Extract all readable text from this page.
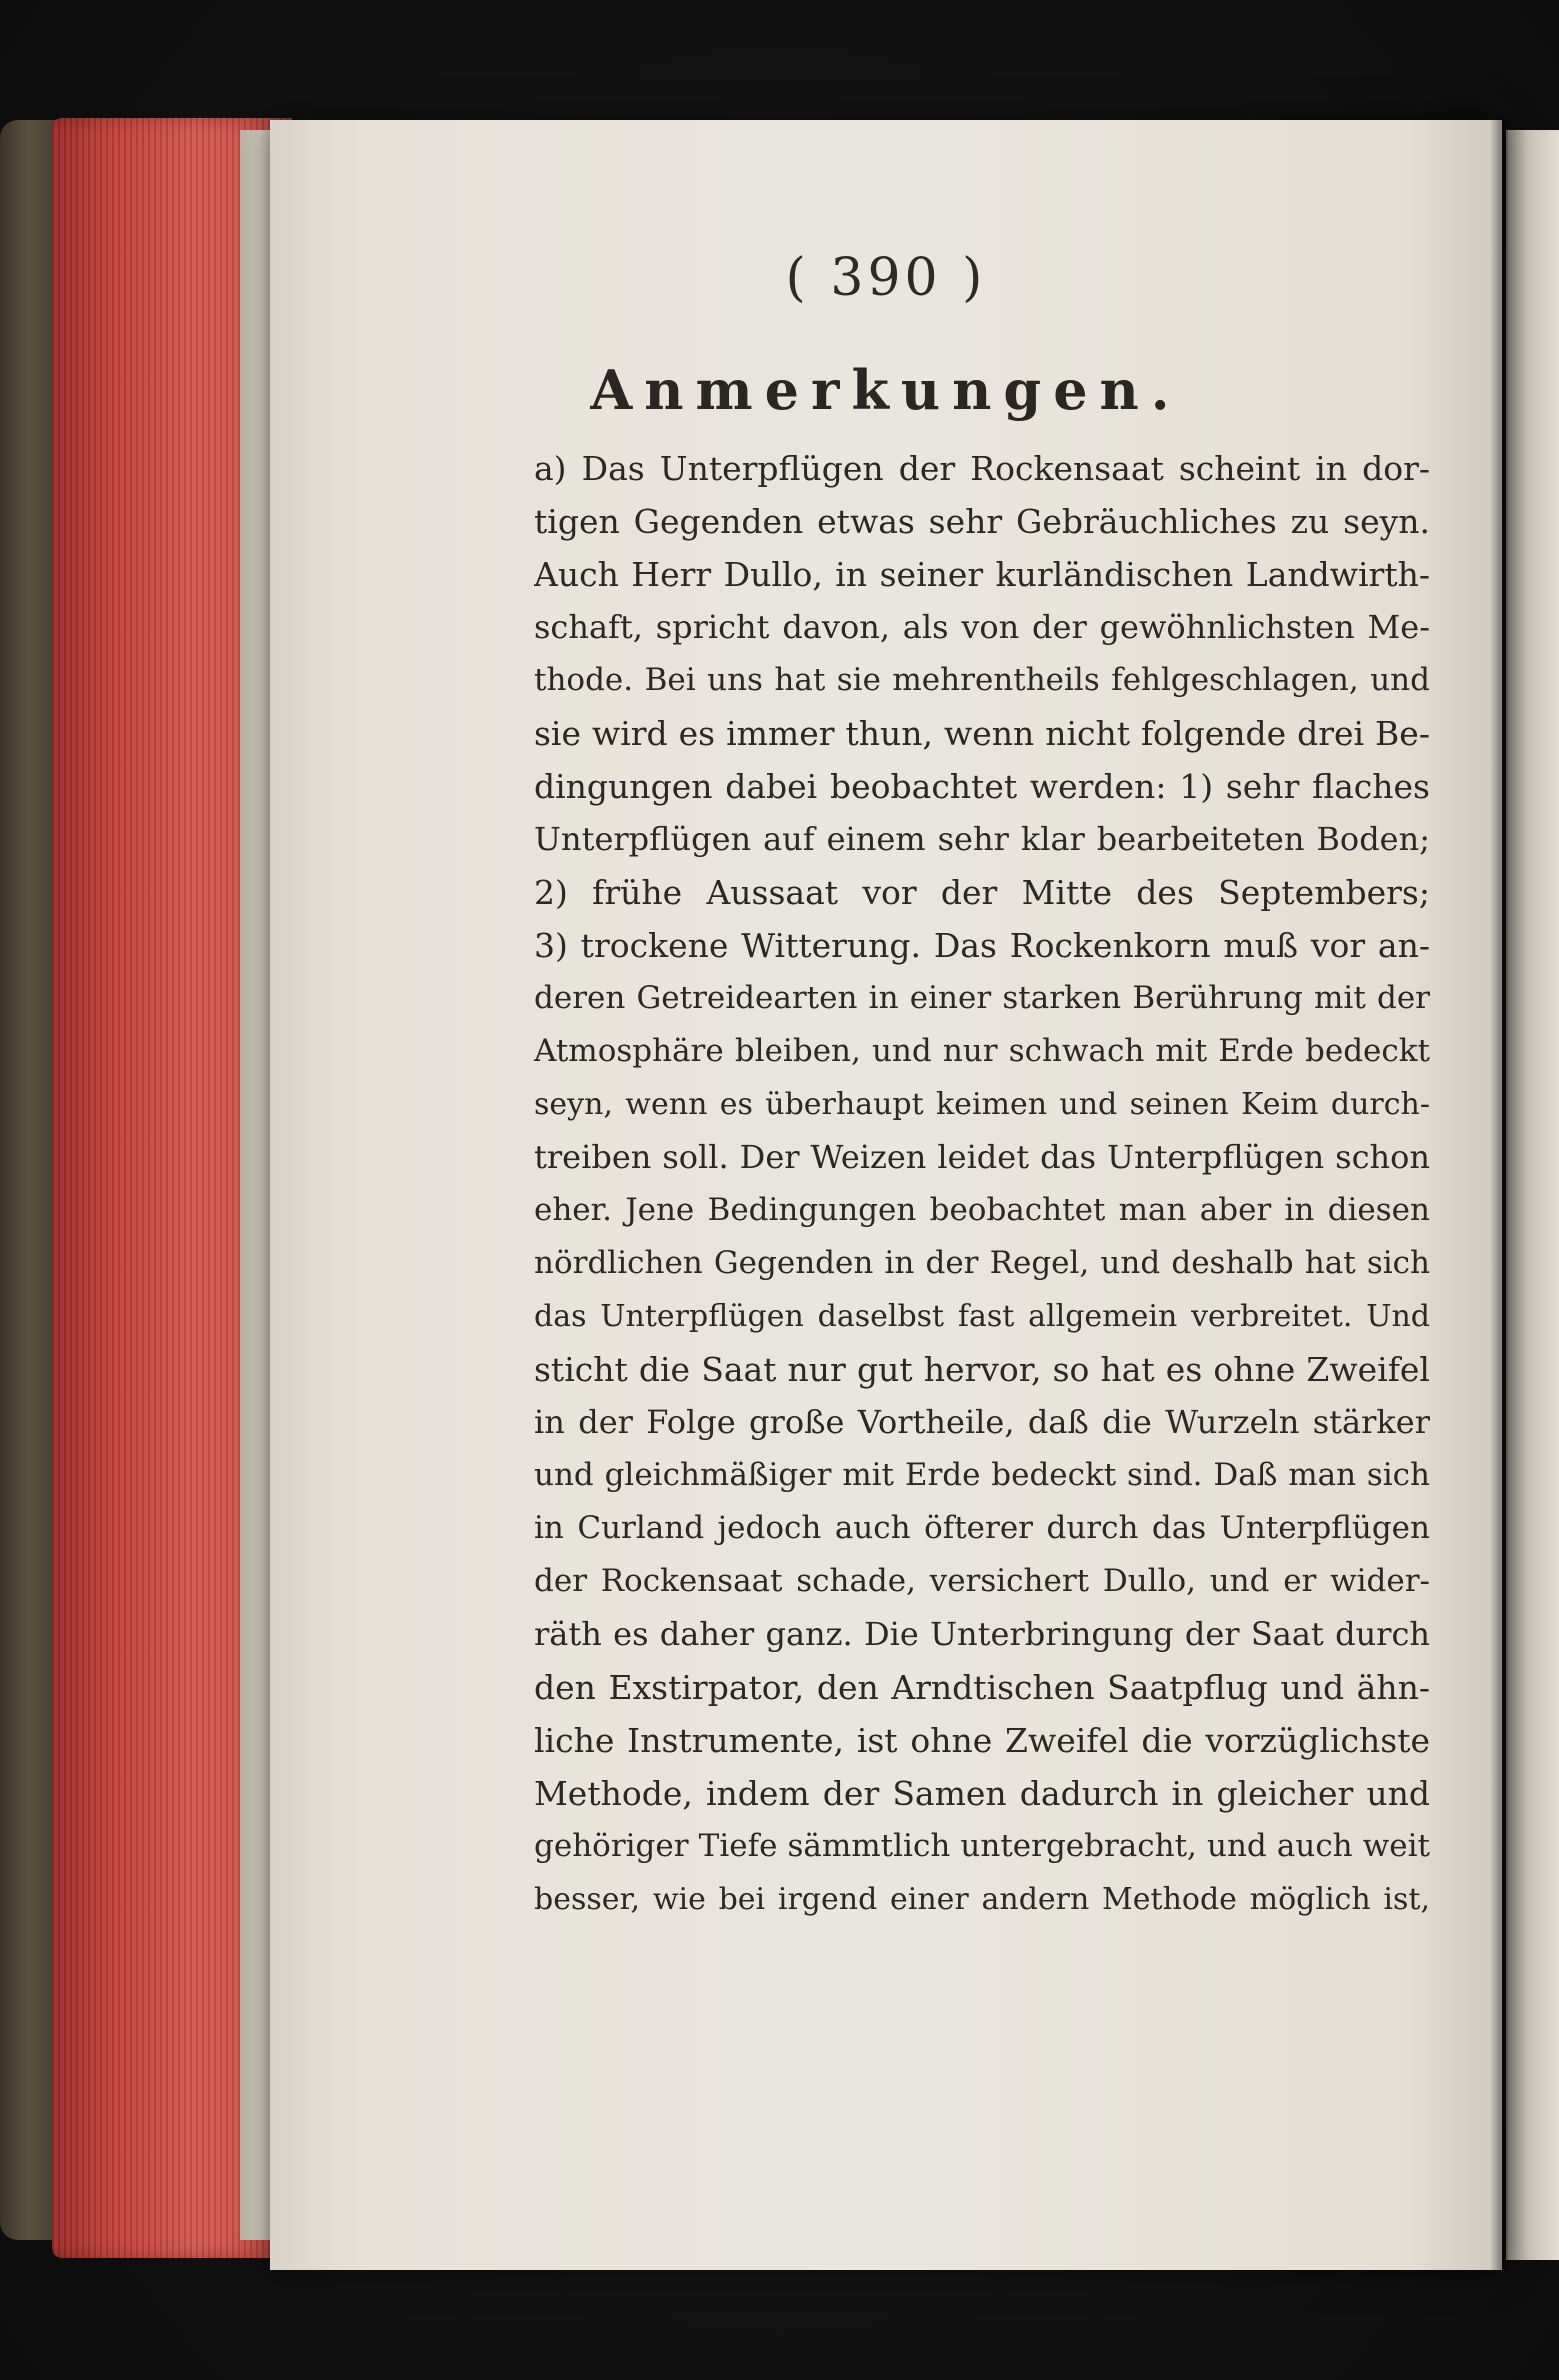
( 390 )
Anmerkungen.
a) Das Unterpflügen der Rockensaat scheint in dor-
tigen Gegenden etwas sehr Gebräuchliches zu seyn.
Auch Herr Dullo, in seiner kurländischen Landwirth-
schaft, spricht davon, als von der gewöhnlichsten Me-
thode. Bei uns hat sie mehrentheils fehlgeschlagen, und
sie wird es immer thun, wenn nicht folgende drei Be-
dingungen dabei beobachtet werden: 1) sehr flaches
Unterpflügen auf einem sehr klar bearbeiteten Boden;
2) frühe Aussaat vor der Mitte des Septembers;
3) trockene Witterung. Das Rockenkorn muß vor an-
deren Getreidearten in einer starken Berührung mit der
Atmosphäre bleiben, und nur schwach mit Erde bedeckt
seyn, wenn es überhaupt keimen und seinen Keim durch-
treiben soll. Der Weizen leidet das Unterpflügen schon
eher. Jene Bedingungen beobachtet man aber in diesen
nördlichen Gegenden in der Regel, und deshalb hat sich
das Unterpflügen daselbst fast allgemein verbreitet. Und
sticht die Saat nur gut hervor, so hat es ohne Zweifel
in der Folge große Vortheile, daß die Wurzeln stärker
und gleichmäßiger mit Erde bedeckt sind. Daß man sich
in Curland jedoch auch öfterer durch das Unterpflügen
der Rockensaat schade, versichert Dullo, und er wider-
räth es daher ganz. Die Unterbringung der Saat durch
den Exstirpator, den Arndtischen Saatpflug und ähn-
liche Instrumente, ist ohne Zweifel die vorzüglichste
Methode, indem der Samen dadurch in gleicher und
gehöriger Tiefe sämmtlich untergebracht, und auch weit
besser, wie bei irgend einer andern Methode möglich ist,
